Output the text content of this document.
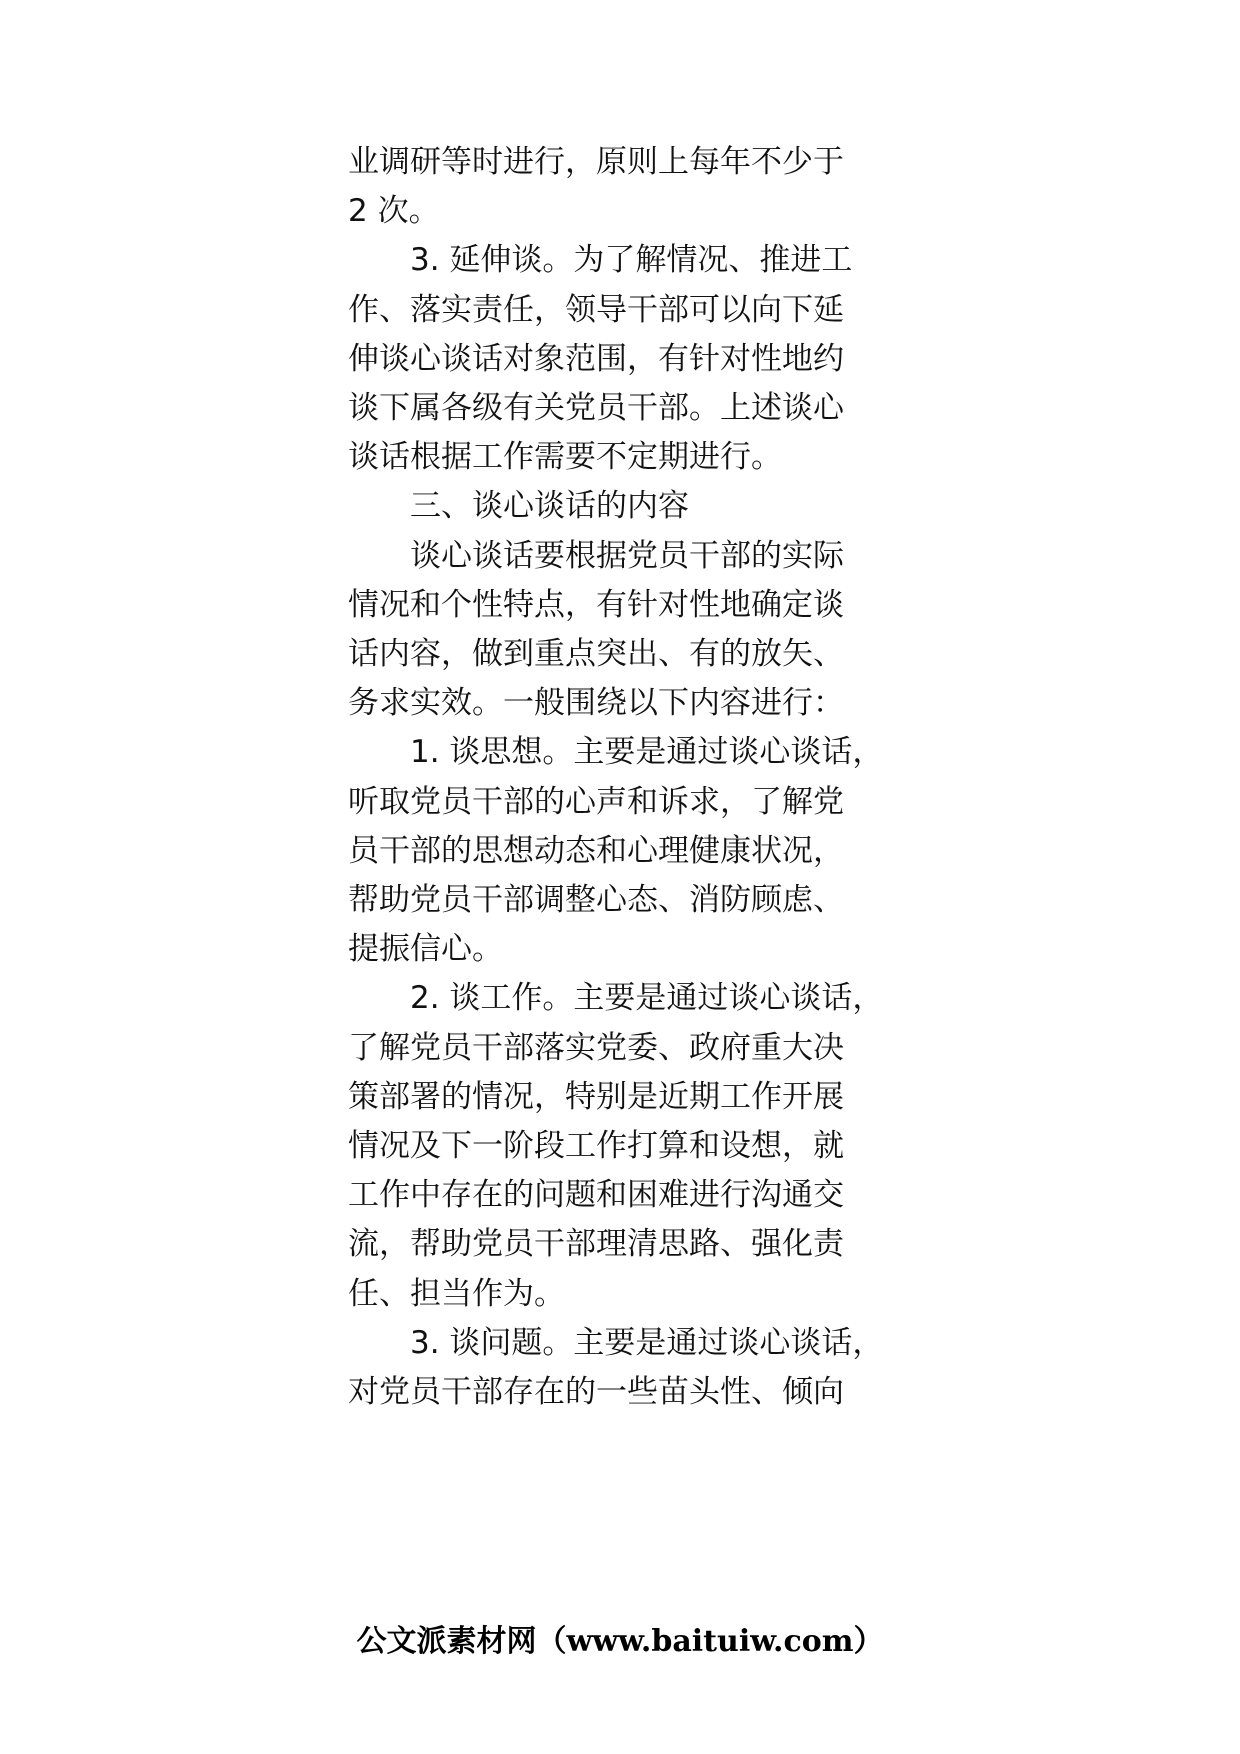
业调研等时进行，原则上每年不少于
2 次。
　　3. 延伸谈。为了解情况、推进工
作、落实责任，领导干部可以向下延
伸谈心谈话对象范围，有针对性地约
谈下属各级有关党员干部。上述谈心
谈话根据工作需要不定期进行。
　　三、谈心谈话的内容
　　谈心谈话要根据党员干部的实际
情况和个性特点，有针对性地确定谈
话内容，做到重点突出、有的放矢、
务求实效。一般围绕以下内容进行：
　　1. 谈思想。主要是通过谈心谈话，
听取党员干部的心声和诉求，了解党
员干部的思想动态和心理健康状况，
帮助党员干部调整心态、消防顾虑、
提振信心。
　　2. 谈工作。主要是通过谈心谈话，
了解党员干部落实党委、政府重大决
策部署的情况，特别是近期工作开展
情况及下一阶段工作打算和设想，就
工作中存在的问题和困难进行沟通交
流，帮助党员干部理清思路、强化责
任、担当作为。
　　3. 谈问题。主要是通过谈心谈话，
对党员干部存在的一些苗头性、倾向
公文派素材网（www.baituiw.com）
